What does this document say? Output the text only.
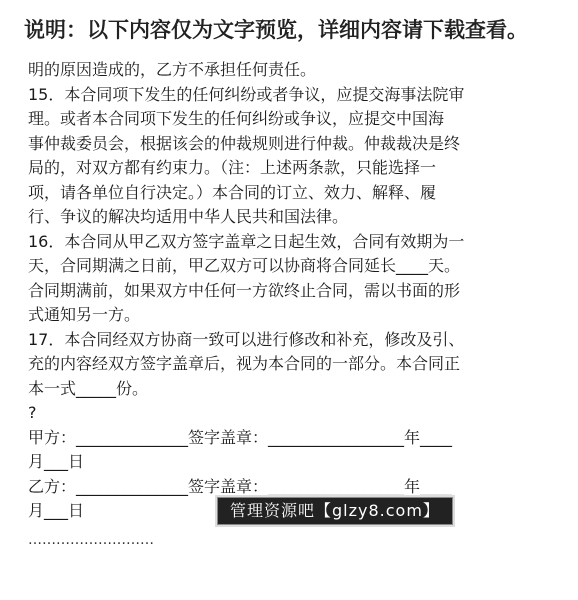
说明：以下内容仅为文字预览，详细内容请下载查看。
明的原因造成的，乙方不承担任何责任。
15．本合同项下发生的任何纠纷或者争议，应提交海事法院审
理。或者本合同项下发生的任何纠纷或争议，应提交中国海
事仲裁委员会，根据该会的仲裁规则进行仲裁。仲裁裁决是终
局的，对双方都有约束力。（注：上述两条款，只能选择一
项，请各单位自行决定。）本合同的订立、效力、解释、履
行、争议的解决均适用中华人民共和国法律。
16．本合同从甲乙双方签字盖章之日起生效，合同有效期为一
天，合同期满之日前，甲乙双方可以协商将合同延长____天。
合同期满前，如果双方中任何一方欲终止合同，需以书面的形
式通知另一方。
17．本合同经双方协商一致可以进行修改和补充，修改及引、
充的内容经双方签字盖章后，视为本合同的一部分。本合同正
本一式_____份。
?
甲方：______________签字盖章：_________________年____
月___日
乙方：______________签字盖章：_________________年____
月___日
………………………
管理资源吧【glzy8.com】
